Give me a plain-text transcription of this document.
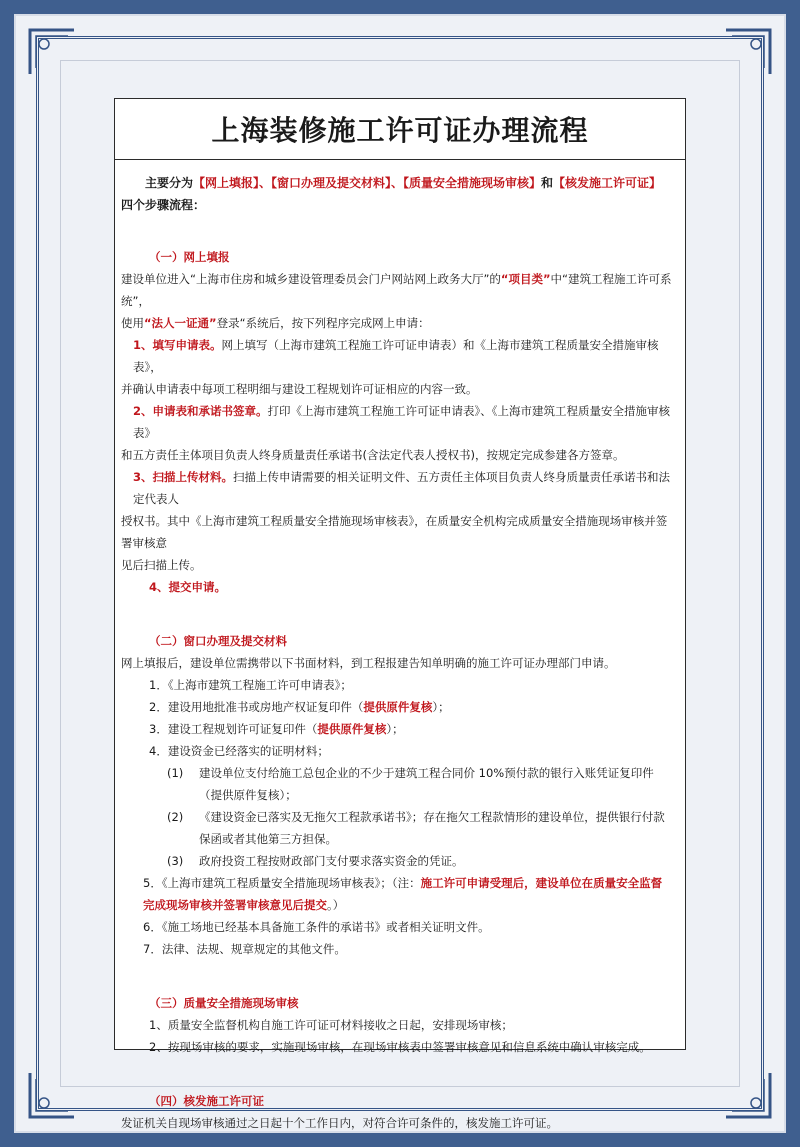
上海装修施工许可证办理流程

主要分为【网上填报】、【窗口办理及提交材料】、【质量安全措施现场审核】和【核发施工许可证】四个步骤流程：

（一）网上填报

建设单位进入“上海市住房和城乡建设管理委员会门户网站网上政务大厅”的“项目类”中“建筑工程施工许可系统”，

使用“法人一证通”登录“系统后，按下列程序完成网上申请：

1、填写申请表。网上填写（上海市建筑工程施工许可证申请表）和《上海市建筑工程质量安全措施审核表》，

并确认申请表中每项工程明细与建设工程规划许可证相应的内容一致。

2、申请表和承诺书签章。打印《上海市建筑工程施工许可证申请表》、《上海市建筑工程质量安全措施审核表》

和五方责任主体项目负责人终身质量责任承诺书(含法定代表人授权书)，按规定完成参建各方签章。

3、扫描上传材料。扫描上传申请需要的相关证明文件、五方责任主体项目负责人终身质量责任承诺书和法定代表人

授权书。其中《上海市建筑工程质量安全措施现场审核表》，在质量安全机构完成质量安全措施现场审核并签署审核意

见后扫描上传。

4、提交申请。

（二）窗口办理及提交材料

网上填报后，建设单位需携带以下书面材料，到工程报建告知单明确的施工许可证办理部门申请。

1．《上海市建筑工程施工许可申请表》；

2．建设用地批准书或房地产权证复印件（提供原件复核）；

3．建设工程规划许可证复印件（提供原件复核）；

4．建设资金已经落实的证明材料；

(1)	建设单位支付给施工总包企业的不少于建筑工程合同价 10%预付款的银行入账凭证复印件（提供原件复核）；
(2)	《建设资金已落实及无拖欠工程款承诺书》；存在拖欠工程款情形的建设单位，提供银行付款保函或者其他第三方担保。
(3)	政府投资工程按财政部门支付要求落实资金的凭证。

5．《上海市建筑工程质量安全措施现场审核表》；（注：施工许可申请受理后，建设单位在质量安全监督完成现场审核并签署审核意见后提交。）

6．《施工场地已经基本具备施工条件的承诺书》或者相关证明文件。

7．法律、法规、规章规定的其他文件。

（三）质量安全措施现场审核

1、质量安全监督机构自施工许可证可材料接收之日起，安排现场审核；

2、按现场审核的要求，实施现场审核，在现场审核表中签署审核意见和信息系统中确认审核完成。

（四）核发施工许可证

发证机关自现场审核通过之日起十个工作日内，对符合许可条件的，核发施工许可证。
